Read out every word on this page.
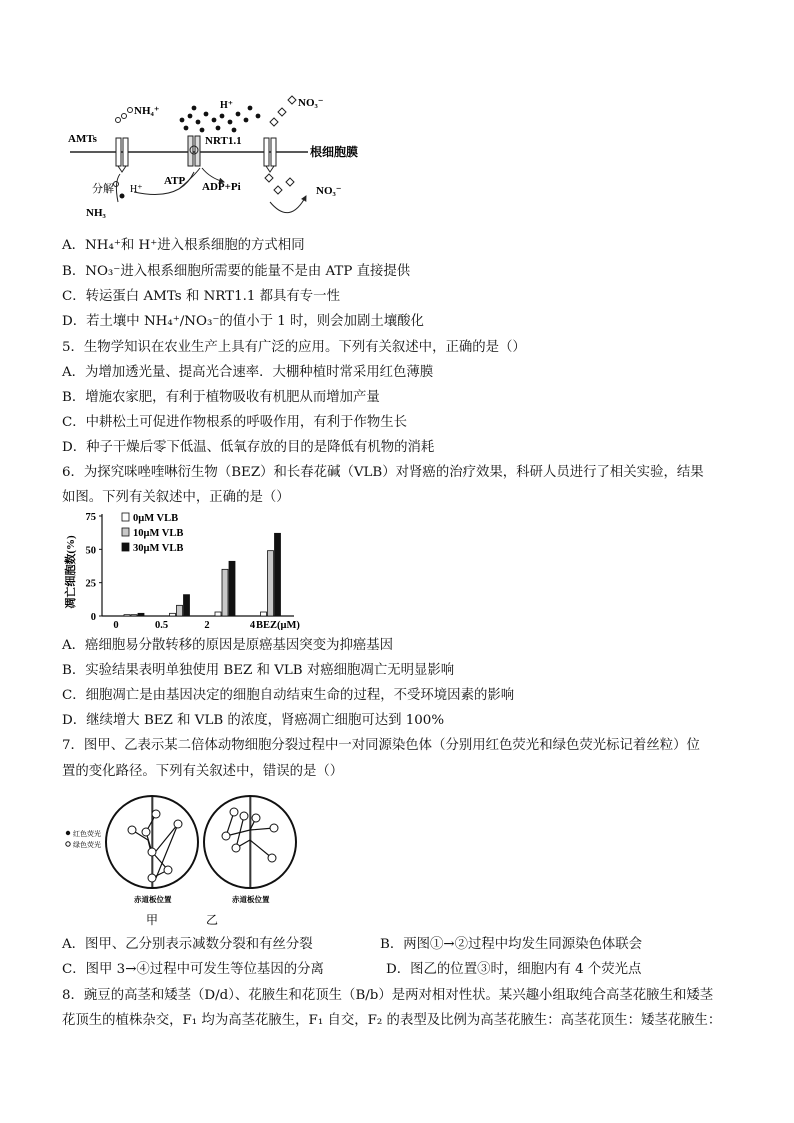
根细胞膜
AMTs
NH₄⁺
NRT1.1
H⁺	NO₃⁻
分解 H⁺
NH₃
ATP ADP+Pi	NO₃⁻
A．NH₄⁺和 H⁺进入根系细胞的方式相同
B．NO₃⁻进入根系细胞所需要的能量不是由 ATP 直接提供
C．转运蛋白 AMTs 和 NRT1.1 都具有专一性
D．若土壤中 NH₄⁺/NO₃⁻的值小于 1 时，则会加剧土壤酸化
5．生物学知识在农业生产上具有广泛的应用。下列有关叙述中，正确的是（）
A．为增加透光量、提高光合速率．大棚种植时常采用红色薄膜
B．增施农家肥，有利于植物吸收有机肥从而增加产量
C．中耕松土可促进作物根系的呼吸作用，有利于作物生长
D．种子干燥后零下低温、低氧存放的目的是降低有机物的消耗
6．为探究咪唑喹啉衍生物（BEZ）和长春花碱（VLB）对肾癌的治疗效果，科研人员进行了相关实验，结果
如图。下列有关叙述中，正确的是（）
凋亡细胞数(%)
0
25
50
75
0	0.5	2	4
0μM VLB
10μM VLB
30μM VLB
BEZ(μM)
A．癌细胞易分散转移的原因是原癌基因突变为抑癌基因
B．实验结果表明单独使用 BEZ 和 VLB 对癌细胞凋亡无明显影响
C．细胞凋亡是由基因决定的细胞自动结束生命的过程，不受环境因素的影响
D．继续增大 BEZ 和 VLB 的浓度，肾癌凋亡细胞可达到 100%
7．图甲、乙表示某二倍体动物细胞分裂过程中一对同源染色体（分别用红色荧光和绿色荧光标记着丝粒）位
置的变化路径。下列有关叙述中，错误的是（）
红色荧光
绿色荧光
赤道板位置
甲
赤道板位置
乙
A．图甲、乙分别表示减数分裂和有丝分裂	B．两图①→②过程中均发生同源染色体联会
C．图甲 3→④过程中可发生等位基因的分离	D．图乙的位置③时，细胞内有 4 个荧光点
8．豌豆的高茎和矮茎（D/d）、花腋生和花顶生（B/b）是两对相对性状。某兴趣小组取纯合高茎花腋生和矮茎
花顶生的植株杂交，F₁ 均为高茎花腋生，F₁ 自交，F₂ 的表型及比例为高茎花腋生：高茎花顶生：矮茎花腋生：
